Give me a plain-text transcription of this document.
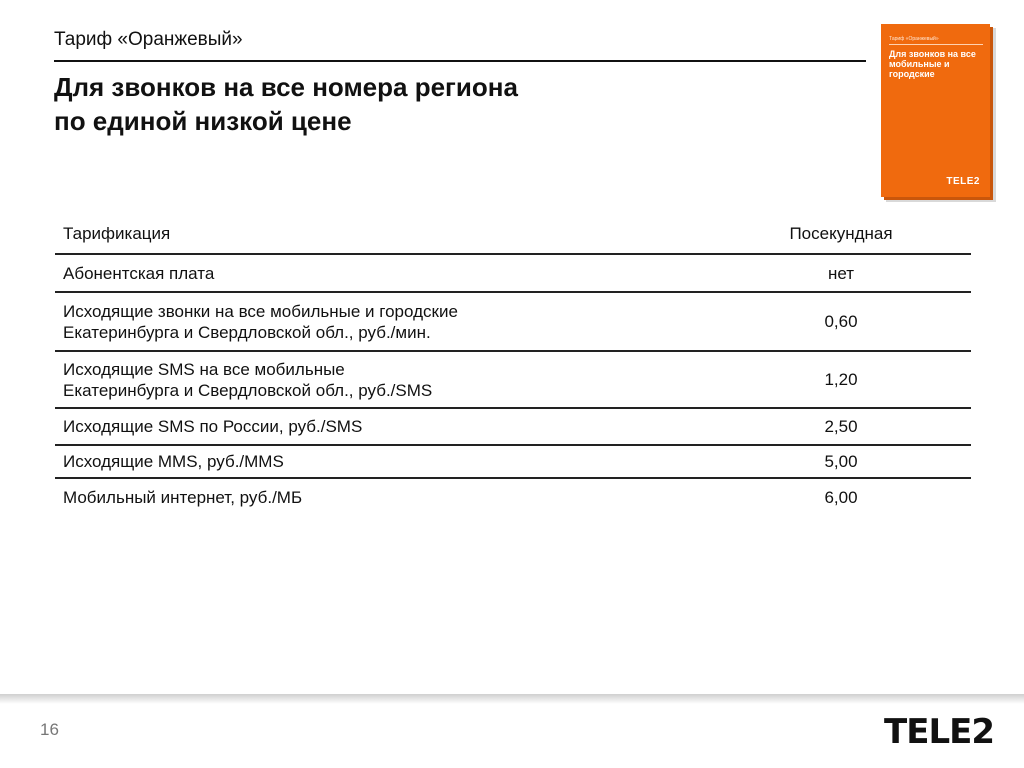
Тариф «Оранжевый»
Для звонков на все номера региона
по единой низкой цене
Тариф «Оранжевый»
Для звонков на все мобильные и городские
TELE2
Тарификация	Посекундная
Абонентская плата	нет

Исходящие звонки на все мобильные и городские
Екатеринбурга и Свердловской обл., руб./мин.	0,60

Исходящие SMS на все мобильные
Екатеринбурга и Свердловской обл., руб./SMS	1,20
Исходящие SMS по России, руб./SMS	2,50
Исходящие MMS, руб./MMS	5,00
Мобильный интернет, руб./МБ	6,00
16	TELE2
